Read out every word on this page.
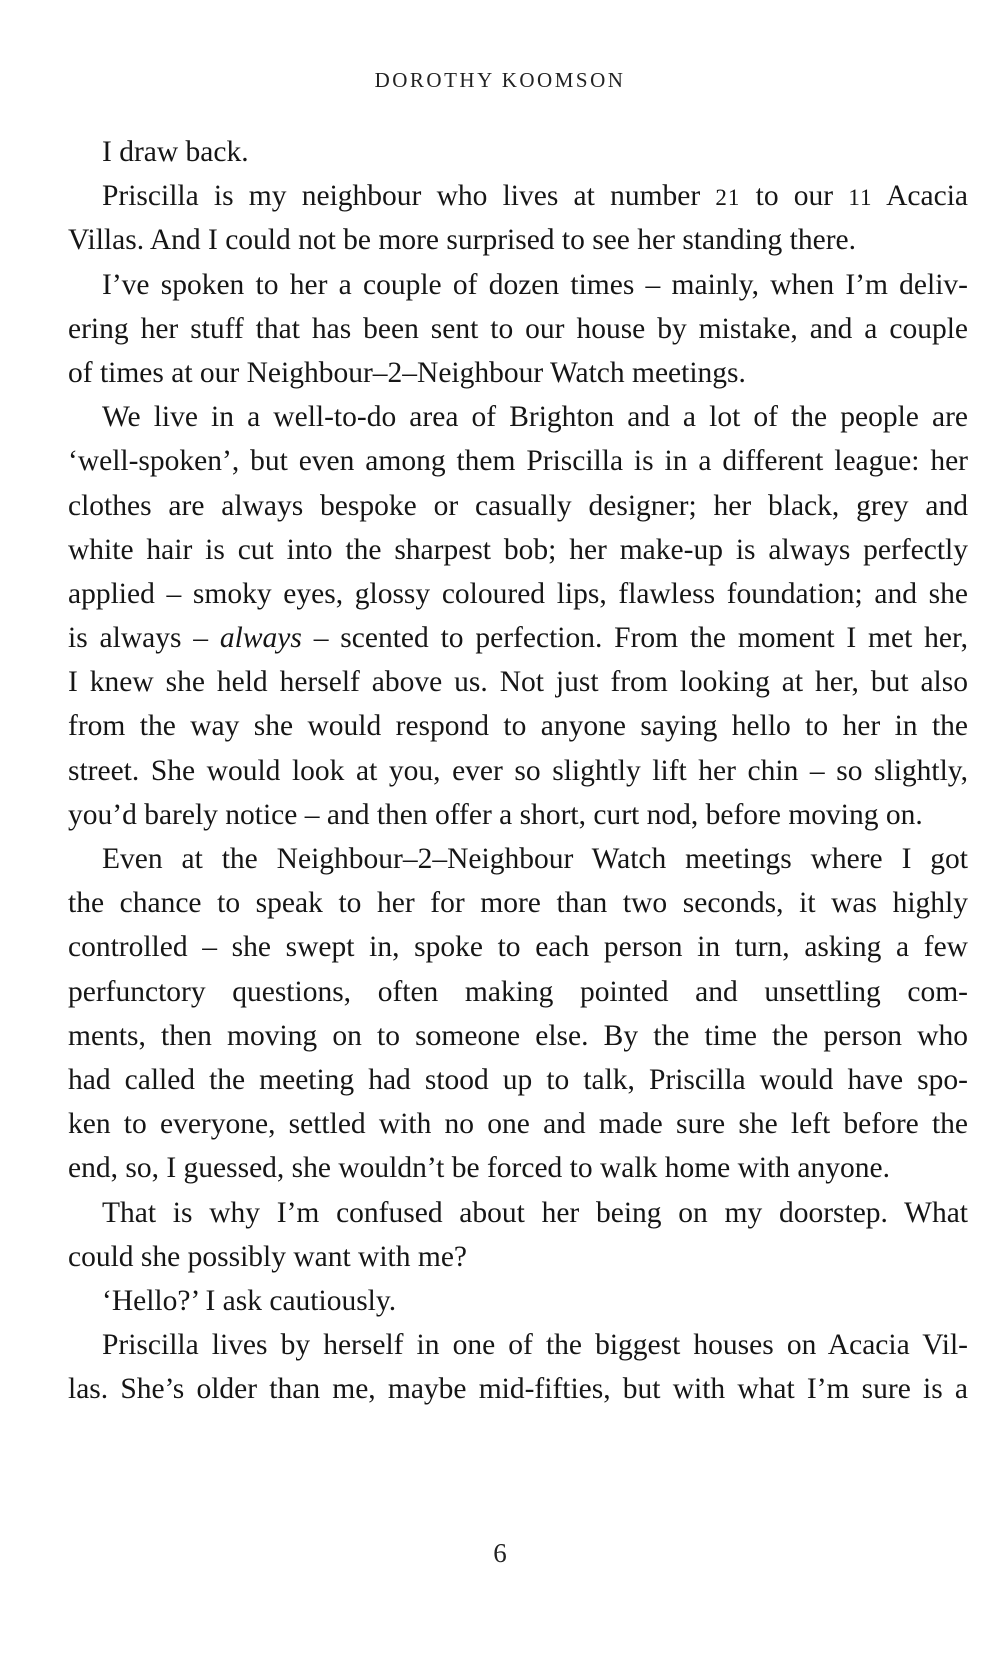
DOROTHY KOOMSON
I draw back.
Priscilla is my neighbour who lives at number 21 to our 11 Acacia
Villas. And I could not be more surprised to see her standing there.
I’ve spoken to her a couple of dozen times – mainly, when I’m deliv-
ering her stuff that has been sent to our house by mistake, and a couple
of times at our Neighbour–2–Neighbour Watch meetings.
We live in a well-to-do area of Brighton and a lot of the people are
‘well-spoken’, but even among them Priscilla is in a different league: her
clothes are always bespoke or casually designer; her black, grey and
white hair is cut into the sharpest bob; her make-up is always perfectly
applied – smoky eyes, glossy coloured lips, flawless foundation; and she
is always – always – scented to perfection. From the moment I met her,
I knew she held herself above us. Not just from looking at her, but also
from the way she would respond to anyone saying hello to her in the
street. She would look at you, ever so slightly lift her chin – so slightly,
you’d barely notice – and then offer a short, curt nod, before moving on.
Even at the Neighbour–2–Neighbour Watch meetings where I got
the chance to speak to her for more than two seconds, it was highly
controlled – she swept in, spoke to each person in turn, asking a few
perfunctory questions, often making pointed and unsettling com-
ments, then moving on to someone else. By the time the person who
had called the meeting had stood up to talk, Priscilla would have spo-
ken to everyone, settled with no one and made sure she left before the
end, so, I guessed, she wouldn’t be forced to walk home with anyone.
That is why I’m confused about her being on my doorstep. What
could she possibly want with me?
‘Hello?’ I ask cautiously.
Priscilla lives by herself in one of the biggest houses on Acacia Vil-
las. She’s older than me, maybe mid-fifties, but with what I’m sure is a
6
